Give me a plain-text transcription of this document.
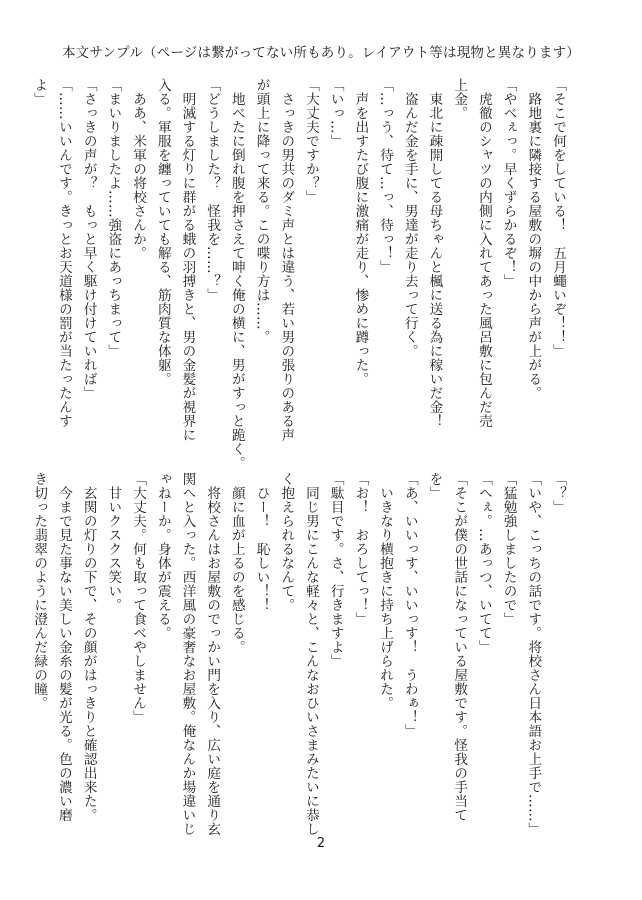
本文サンプル（ページは繋がってない所もあり。レイアウト等は現物と異なります）
「そこで何をしている！　五月蠅いぞ！！」
　路地裏に隣接する屋敷の塀の中から声が上がる。
「やべぇっ。早くずらかるぞ！」
　虎徹のシャツの内側に入れてあった風呂敷に包んだ売
上金。
　東北に疎開してる母ちゃんと楓に送る為に稼いだ金！
　盗んだ金を手に、男達が走り去って行く。
「…っう、待て…っ、待っ！」
　声を出すたび腹に激痛が走り、惨めに蹲った。
「いっ…」
「大丈夫ですか？」
　さっきの男共のダミ声とは違う、若い男の張りのある声
が頭上に降って来る。この喋り方は……。
　地べたに倒れ腹を押さえて呻く俺の横に、男がすっと跪く。
「どうしました？　怪我を……？」
　明滅する灯りに群がる蛾の羽搏きと、男の金髪が視界に
入る。軍服を纏っていても解る、筋肉質な体躯。
　ああ、米軍の将校さんか。
「まいりましたよ……強盗にあっちまって」
「さっきの声が？　もっと早く駆け付けていれば」
「……いいんです。きっとお天道様の罰が当たったんす
よ」
「？」
「いや、こっちの話です。将校さん日本語お上手で……」
「猛勉強しましたので」
「へぇ。…あっつ、いてて」
「そこが僕の世話になっている屋敷です。怪我の手当て
を」
「あ、いいっす、いいっす！　うわぁ！」
　いきなり横抱きに持ち上げられた。
「お！　おろしてっ！」
「駄目です。さ、行きますよ」
　同じ男にこんな軽々と、こんなおひいさまみたいに恭し
く抱えられるなんて。
　ひー！　恥しい！！
　顔に血が上るのを感じる。
　将校さんはお屋敷のでっかい門を入り、広い庭を通り玄
関へと入った。西洋風の豪奢なお屋敷。俺なんか場違いじ
ゃねーか。身体が震える。
「大丈夫。何も取って食べやしません」
　甘いクスクス笑い。
　玄関の灯りの下で、その顔がはっきりと確認出来た。
　今まで見た事ない美しい金糸の髪が光る。色の濃い磨
き切った翡翠のように澄んだ緑の瞳。
2
